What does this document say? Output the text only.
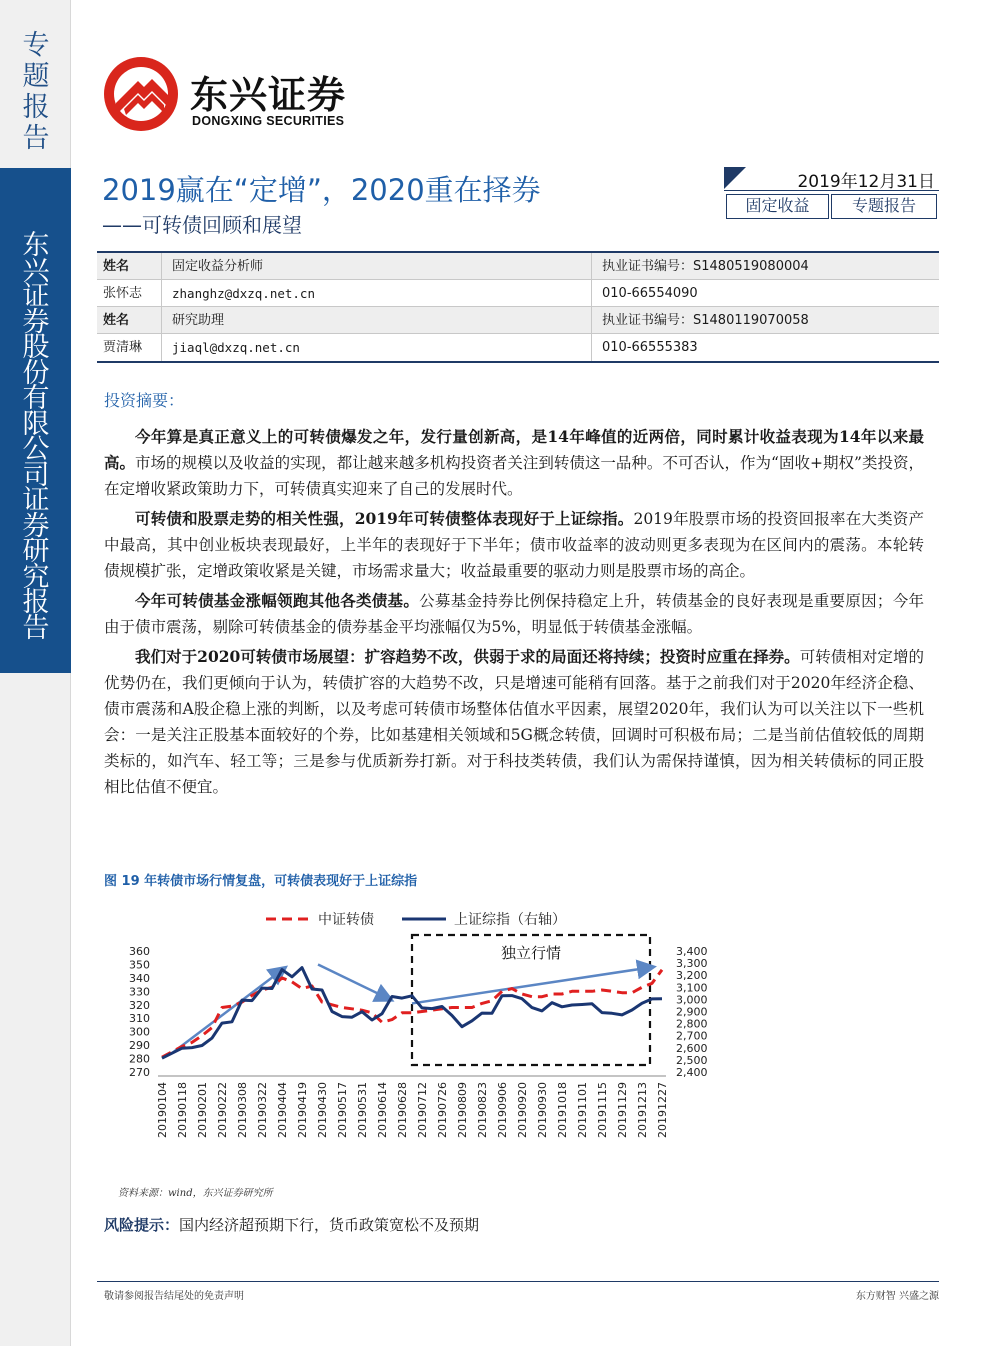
专题报告
东兴证券股份有限公司证券研究报告
东兴证券
DONGXING SECURITIES
2019赢在“定增”，2020重在择券
——可转债回顾和展望
2019年12月31日
固定收益	专题报告
姓名	固定收益分析师	执业证书编号：S1480519080004
张怀志	zhanghz@dxzq.net.cn	010-66554090
姓名	研究助理	执业证书编号：S1480119070058
贾清琳	jiaql@dxzq.net.cn	010-66555383
投资摘要：

今年算是真正意义上的可转债爆发之年，发行量创新高，是14年峰值的近两倍，同时累计收益表现为14年以来最高。市场的规模以及收益的实现，都让越来越多机构投资者关注到转债这一品种。不可否认，作为“固收+期权”类投资，在定增收紧政策助力下，可转债真实迎来了自己的发展时代。

可转债和股票走势的相关性强，2019年可转债整体表现好于上证综指。2019年股票市场的投资回报率在大类资产中最高，其中创业板块表现最好，上半年的表现好于下半年；债市收益率的波动则更多表现为在区间内的震荡。本轮转债规模扩张，定增政策收紧是关键，市场需求量大；收益最重要的驱动力则是股票市场的高企。

今年可转债基金涨幅领跑其他各类债基。公募基金持券比例保持稳定上升，转债基金的良好表现是重要原因；今年由于债市震荡，剔除可转债基金的债券基金平均涨幅仅为5%，明显低于转债基金涨幅。

我们对于2020可转债市场展望：扩容趋势不改，供弱于求的局面还将持续；投资时应重在择券。可转债相对定增的优势仍在，我们更倾向于认为，转债扩容的大趋势不改，只是增速可能稍有回落。基于之前我们对于2020年经济企稳、债市震荡和A股企稳上涨的判断，以及考虑可转债市场整体估值水平因素，展望2020年，我们认为可以关注以下一些机会：一是关注正股基本面较好的个券，比如基建相关领域和5G概念转债，回调时可积极布局；二是当前估值较低的周期类标的，如汽车、轻工等；三是参与优质新券打新。对于科技类转债，我们认为需保持谨慎，因为相关转债标的同正股相比估值不便宜。

图 19 年转债市场行情复盘，可转债表现好于上证综指
独立行情
360
350
340
330
320
310
300
290
280
270
3,400
3,300
3,200
3,100
3,000
2,900
2,800
2,700
2,600
2,500
2,400
20190104 20190118 20190201 20190222 20190308 20190322 20190404 20190419 20190430 20190517 20190531 20190614 20190628 20190712 20190726 20190809 20190823 20190906 20190920 20190930 20191018 20191101 20191115 20191129 20191213 20191227
中证转债	上证综指（右轴）
资料来源：wind，东兴证券研究所
风险提示：国内经济超预期下行，货币政策宽松不及预期
敬请参阅报告结尾处的免责声明	东方财智 兴盛之源
